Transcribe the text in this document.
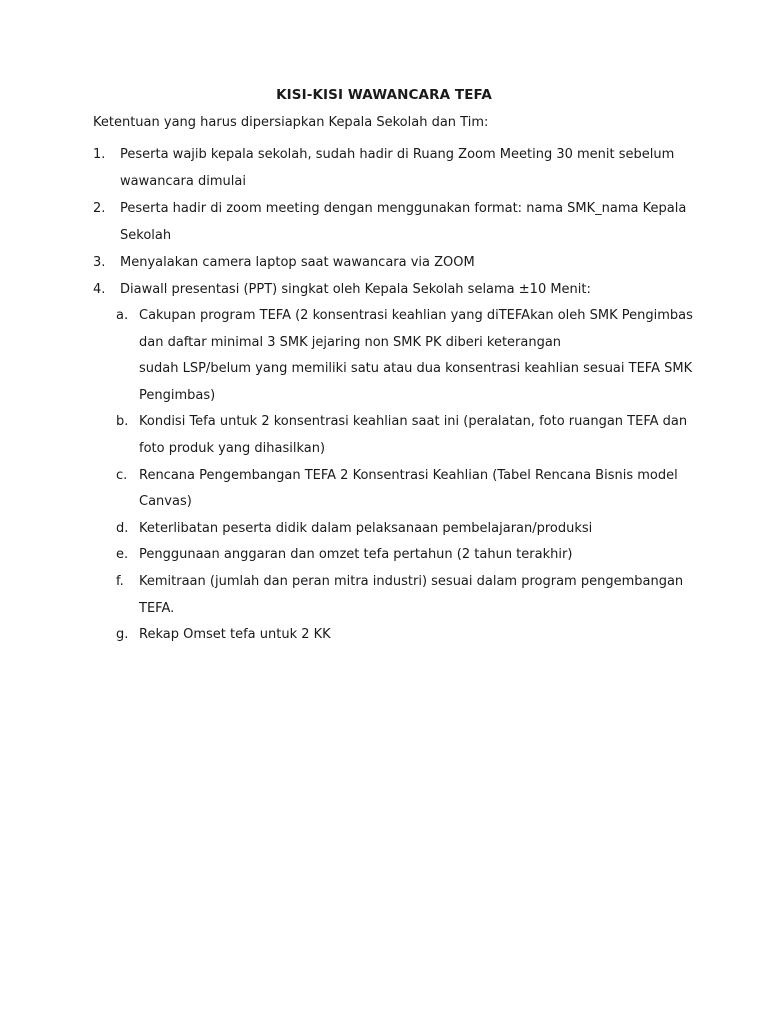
KISI-KISI WAWANCARA TEFA
Ketentuan yang harus dipersiapkan Kepala Sekolah dan Tim:
1. Peserta wajib kepala sekolah, sudah hadir di Ruang Zoom Meeting 30 menit sebelum
wawancara dimulai
2. Peserta hadir di zoom meeting dengan menggunakan format: nama SMK_nama Kepala
Sekolah
3. Menyalakan camera laptop saat wawancara via ZOOM
4. Diawall presentasi (PPT) singkat oleh Kepala Sekolah selama ±10 Menit:
a. Cakupan program TEFA (2 konsentrasi keahlian yang diTEFAkan oleh SMK Pengimbas
dan daftar minimal 3 SMK jejaring non SMK PK diberi keterangan
sudah LSP/belum yang memiliki satu atau dua konsentrasi keahlian sesuai TEFA SMK
Pengimbas)
b. Kondisi Tefa untuk 2 konsentrasi keahlian saat ini (peralatan, foto ruangan TEFA dan
foto produk yang dihasilkan)
c. Rencana Pengembangan TEFA 2 Konsentrasi Keahlian (Tabel Rencana Bisnis model
Canvas)
d. Keterlibatan peserta didik dalam pelaksanaan pembelajaran/produksi
e. Penggunaan anggaran dan omzet tefa pertahun (2 tahun terakhir)
f. Kemitraan (jumlah dan peran mitra industri) sesuai dalam program pengembangan
TEFA.
g. Rekap Omset tefa untuk 2 KK
